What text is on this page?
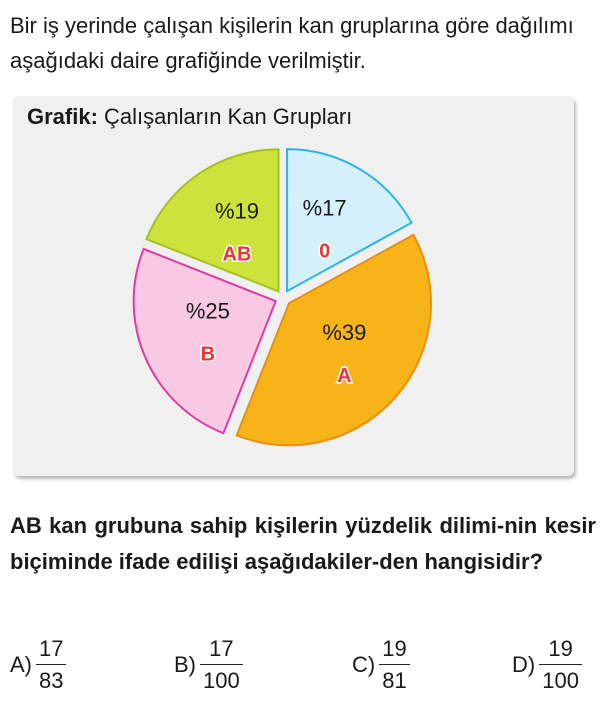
Bir iş yerinde çalışan kişilerin kan gruplarına göre dağılımı aşağıdaki daire grafiğinde verilmiştir.

Grafik: Çalışanların Kan Grupları

%17
0
%39
A
%25
B
%19
AB

AB kan grubuna sahip kişilerin yüzdelik dilimi-nin kesir biçiminde ifade edilişi aşağıdakiler-den hangisidir?

$A) \frac{17}{83}$	$B) \frac{17}{100}$	$C) \frac{19}{81}$	$D) \frac{19}{100}$
